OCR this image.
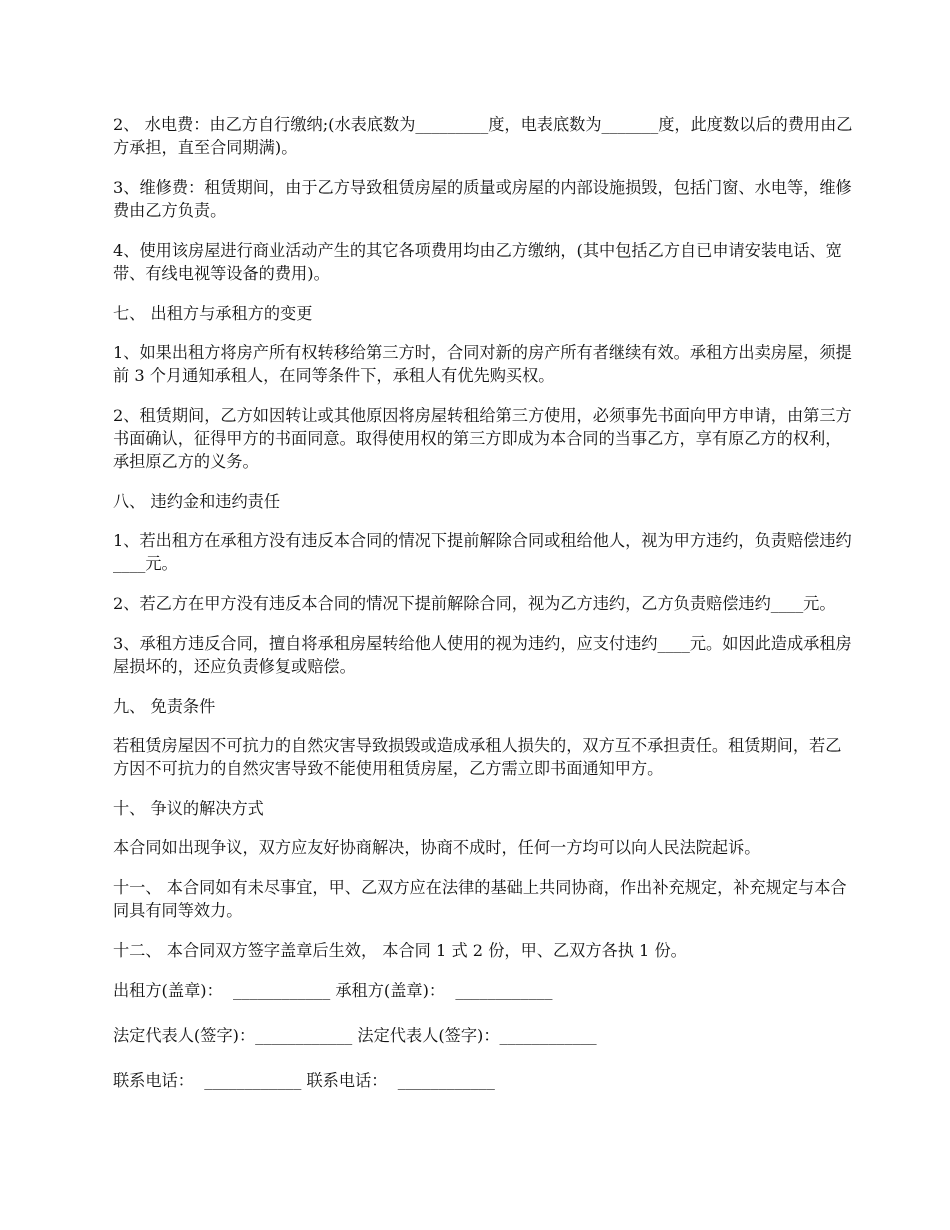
2、 水电费：由乙方自行缴纳;(水表底数为_________度，电表底数为_______度，此度数以后的费用由乙方承担，直至合同期满)。

3、维修费：租赁期间，由于乙方导致租赁房屋的质量或房屋的内部设施损毁，包括门窗、水电等，维修费由乙方负责。

4、使用该房屋进行商业活动产生的其它各项费用均由乙方缴纳，(其中包括乙方自已申请安装电话、宽带、有线电视等设备的费用)。

七、 出租方与承租方的变更

1、如果出租方将房产所有权转移给第三方时，合同对新的房产所有者继续有效。承租方出卖房屋，须提前 3 个月通知承租人，在同等条件下，承租人有优先购买权。

2、租赁期间，乙方如因转让或其他原因将房屋转租给第三方使用，必须事先书面向甲方申请，由第三方书面确认，征得甲方的书面同意。取得使用权的第三方即成为本合同的当事乙方，享有原乙方的权利，承担原乙方的义务。

八、 违约金和违约责任

1、若出租方在承租方没有违反本合同的情况下提前解除合同或租给他人，视为甲方违约，负责赔偿违约____元。

2、若乙方在甲方没有违反本合同的情况下提前解除合同，视为乙方违约，乙方负责赔偿违约____元。

3、承租方违反合同，擅自将承租房屋转给他人使用的视为违约，应支付违约____元。如因此造成承租房屋损坏的，还应负责修复或赔偿。

九、 免责条件

若租赁房屋因不可抗力的自然灾害导致损毁或造成承租人损失的，双方互不承担责任。租赁期间，若乙方因不可抗力的自然灾害导致不能使用租赁房屋，乙方需立即书面通知甲方。

十、 争议的解决方式

本合同如出现争议，双方应友好协商解决，协商不成时，任何一方均可以向人民法院起诉。

十一、 本合同如有未尽事宜，甲、乙双方应在法律的基础上共同协商，作出补充规定，补充规定与本合同具有同等效力。

十二、 本合同双方签字盖章后生效， 本合同 1 式 2 份，甲、乙双方各执 1 份。

出租方(盖章)：  ____________ 承租方(盖章)：  ____________
法定代表人(签字)：____________ 法定代表人(签字)：____________
联系电话：  ____________ 联系电话：  ____________
